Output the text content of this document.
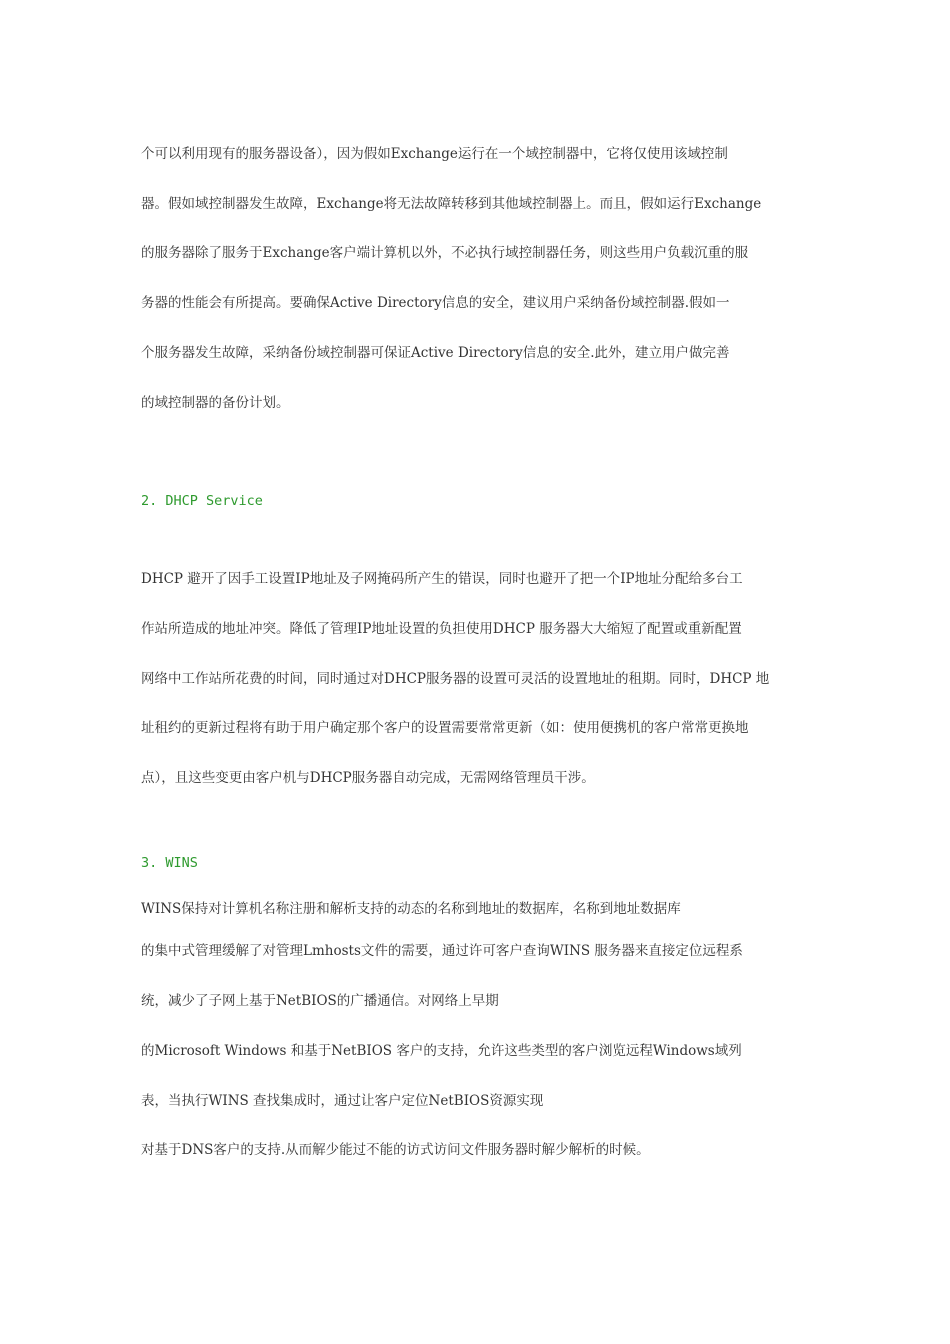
个可以利用现有的服务器设备），因为假如Exchange运行在一个域控制器中，它将仅使用该域控制
器。假如域控制器发生故障，Exchange将无法故障转移到其他域控制器上。而且，假如运行Exchange
的服务器除了服务于Exchange客户端计算机以外，不必执行域控制器任务，则这些用户负载沉重的服
务器的性能会有所提高。要确保Active Directory信息的安全，建议用户采纳备份域控制器.假如一
个服务器发生故障，采纳备份域控制器可保证Active Directory信息的安全.此外，建立用户做完善
的域控制器的备份计划。
2. DHCP Service
DHCP 避开了因手工设置IP地址及子网掩码所产生的错误，同时也避开了把一个IP地址分配给多台工
作站所造成的地址冲突。降低了管理IP地址设置的负担使用DHCP 服务器大大缩短了配置或重新配置
网络中工作站所花费的时间，同时通过对DHCP服务器的设置可灵活的设置地址的租期。同时，DHCP 地
址租约的更新过程将有助于用户确定那个客户的设置需要常常更新（如：使用便携机的客户常常更换地
点），且这些变更由客户机与DHCP服务器自动完成，无需网络管理员干涉。
3. WINS
WINS保持对计算机名称注册和解析支持的动态的名称到地址的数据库，名称到地址数据库
的集中式管理缓解了对管理Lmhosts文件的需要，通过许可客户查询WINS 服务器来直接定位远程系
统，减少了子网上基于NetBIOS的广播通信。对网络上早期
的Microsoft Windows 和基于NetBIOS 客户的支持，允许这些类型的客户浏览远程Windows域列
表，当执行WINS 查找集成时，通过让客户定位NetBIOS资源实现
对基于DNS客户的支持.从而解少能过不能的访式访问文件服务器时解少解析的时候。
